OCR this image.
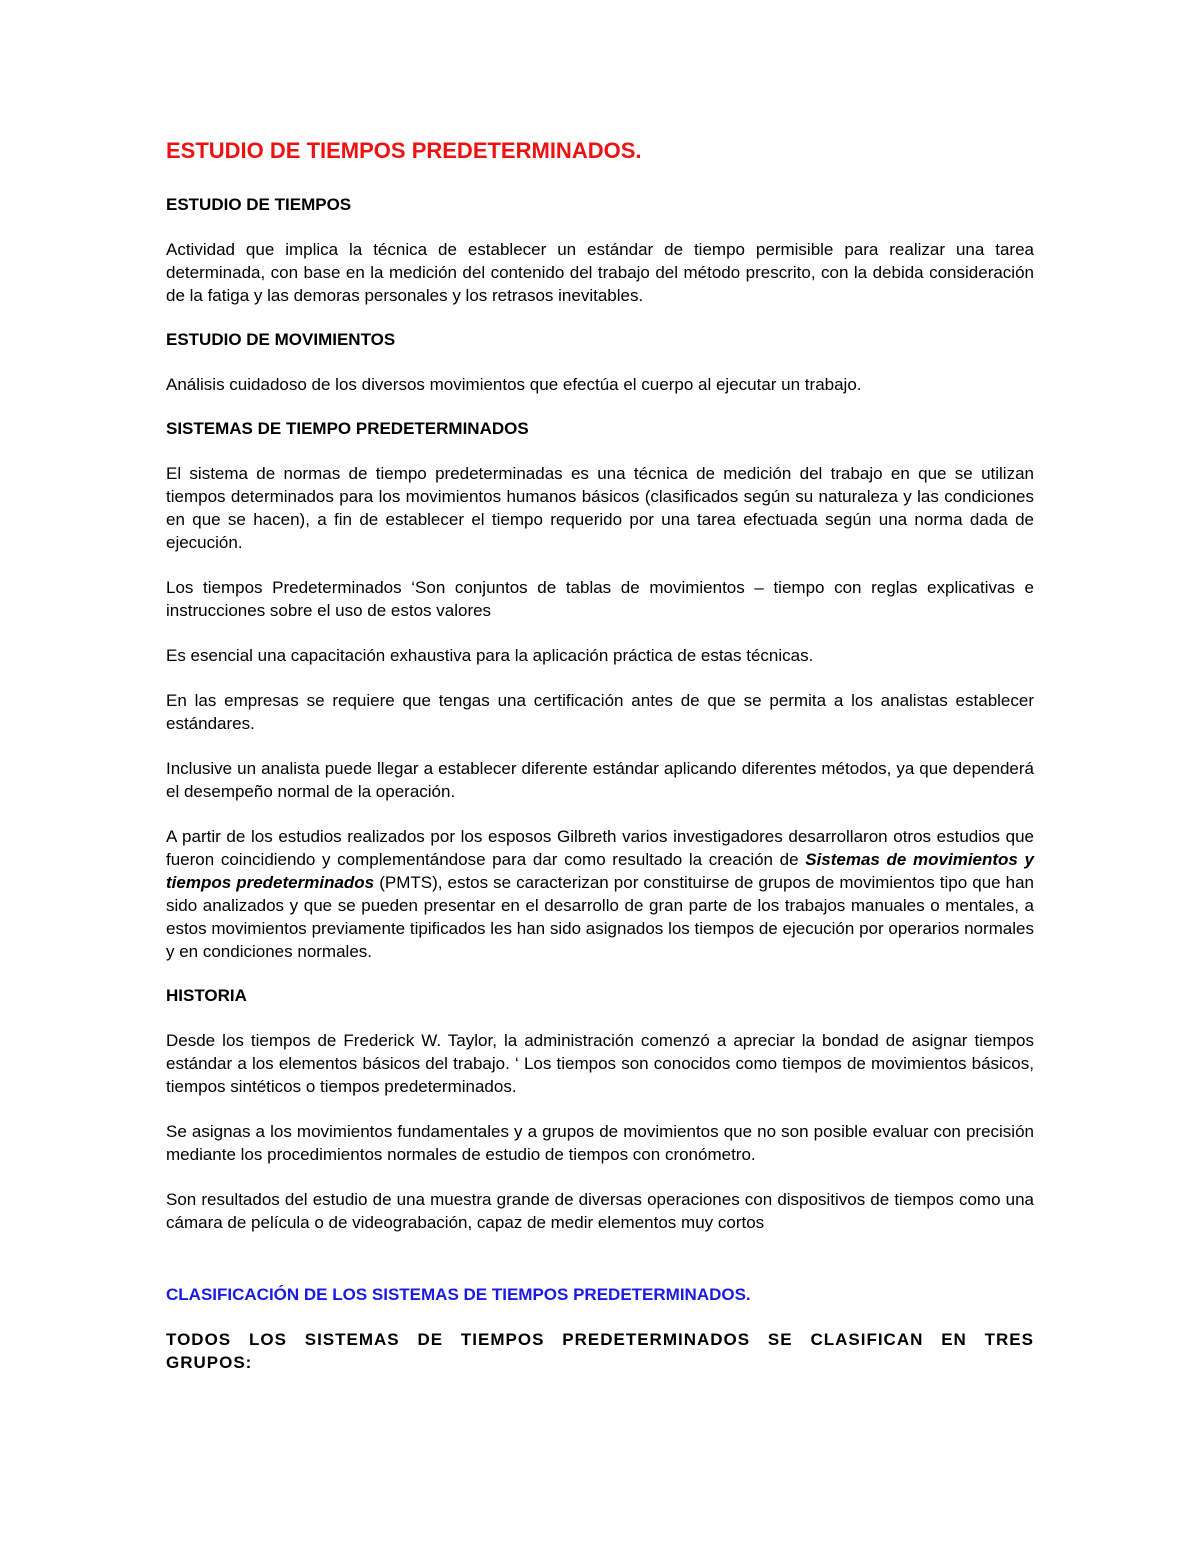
ESTUDIO DE TIEMPOS PREDETERMINADOS.
ESTUDIO DE TIEMPOS
Actividad que implica la técnica de establecer un estándar de tiempo permisible para realizar una tarea determinada, con base en la medición del contenido del trabajo del método prescrito, con la debida consideración de la fatiga y las demoras personales y los retrasos inevitables.
ESTUDIO DE MOVIMIENTOS
Análisis cuidadoso de los diversos movimientos que efectúa el cuerpo al ejecutar un trabajo.
SISTEMAS DE TIEMPO PREDETERMINADOS
El sistema de normas de tiempo predeterminadas es una técnica de medición del trabajo en que se utilizan tiempos determinados para los movimientos humanos básicos (clasificados según su naturaleza y las condiciones en que se hacen), a fin de establecer el tiempo requerido por una tarea efectuada según una norma dada de ejecución.
Los tiempos Predeterminados ‘Son conjuntos de tablas de movimientos – tiempo con reglas explicativas e instrucciones sobre el uso de estos valores
Es esencial una capacitación exhaustiva para la aplicación práctica de estas técnicas.
En las empresas se requiere que tengas una certificación antes de que se permita a los analistas establecer estándares.
Inclusive un analista puede llegar a establecer diferente estándar aplicando diferentes métodos, ya que dependerá el desempeño normal de la operación.
A partir de los estudios realizados por los esposos Gilbreth varios investigadores desarrollaron otros estudios que fueron coincidiendo y complementándose para dar como resultado la creación de Sistemas de movimientos y tiempos predeterminados (PMTS), estos se caracterizan por constituirse de grupos de movimientos tipo que han sido analizados y que se pueden presentar en el desarrollo de gran parte de los trabajos manuales o mentales, a estos movimientos previamente tipificados les han sido asignados los tiempos de ejecución por operarios normales y en condiciones normales.
HISTORIA
Desde los tiempos de Frederick W. Taylor, la administración comenzó a apreciar la bondad de asignar tiempos estándar a los elementos básicos del trabajo. ‘ Los tiempos son conocidos como tiempos de movimientos básicos, tiempos sintéticos o tiempos predeterminados.
Se asignas a los movimientos fundamentales y a grupos de movimientos que no son posible evaluar con precisión mediante los procedimientos normales de estudio de tiempos con cronómetro.
Son resultados del estudio de una muestra grande de diversas operaciones con dispositivos de tiempos como una cámara de película o de videograbación, capaz de medir elementos muy cortos
CLASIFICACIÓN DE LOS SISTEMAS DE TIEMPOS PREDETERMINADOS.
TODOS LOS SISTEMAS DE TIEMPOS PREDETERMINADOS SE CLASIFICAN EN TRES GRUPOS:
